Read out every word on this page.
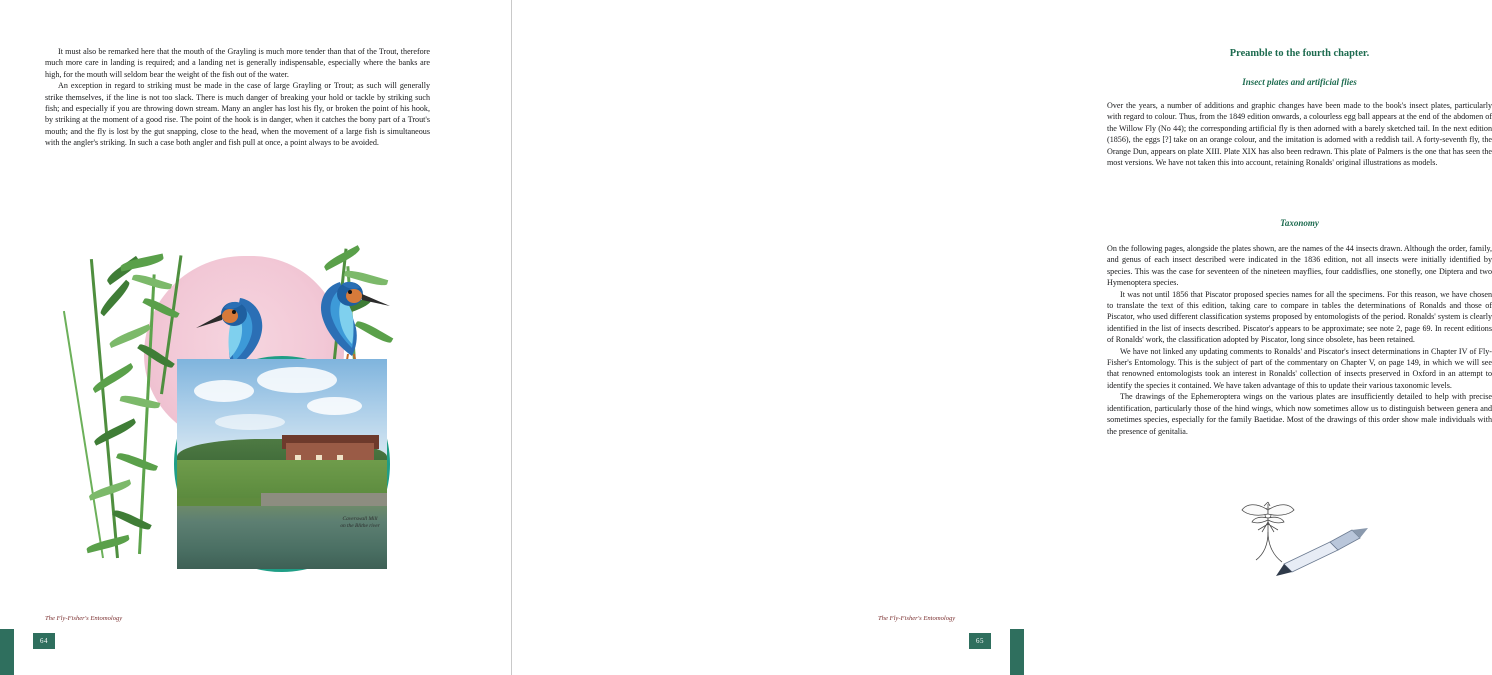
It must also be remarked here that the mouth of the Grayling is much more tender than that of the Trout, therefore much more care in landing is required; and a landing net is generally indispensable, especially where the banks are high, for the mouth will seldom bear the weight of the fish out of the water.

An exception in regard to striking must be made in the case of large Grayling or Trout; as such will generally strike themselves, if the line is not too slack. There is much danger of breaking your hold or tackle by striking such fish; and especially if you are throwing down stream. Many an angler has lost his fly, or broken the point of his hook, by striking at the moment of a good rise. The point of the hook is in danger, when it catches the bony part of a Trout's mouth; and the fly is lost by the gut snapping, close to the head, when the movement of a large fish is simultaneous with the angler's striking. In such a case both angler and fish pull at once, a point always to be avoided.

Caverswall Mill
on the Blithe river
The Fly-Fisher's Entomology
64
Preamble to the fourth chapter.
Insect plates and artificial flies

Over the years, a number of additions and graphic changes have been made to the book's insect plates, particularly with regard to colour. Thus, from the 1849 edition onwards, a colourless egg ball appears at the end of the abdomen of the Willow Fly (No 44); the corresponding artificial fly is then adorned with a barely sketched tail. In the next edition (1856), the eggs [?] take on an orange colour, and the imitation is adorned with a reddish tail. A forty-seventh fly, the Orange Dun, appears on plate XIII. Plate XIX has also been redrawn. This plate of Palmers is the one that has seen the most versions. We have not taken this into account, retaining Ronalds' original illustrations as models.

Taxonomy

On the following pages, alongside the plates shown, are the names of the 44 insects drawn. Although the order, family, and genus of each insect described were indicated in the 1836 edition, not all insects were initially identified by species. This was the case for seventeen of the nineteen mayflies, four caddisflies, one stonefly, one Diptera and two Hymenoptera species.

It was not until 1856 that Piscator proposed species names for all the specimens. For this reason, we have chosen to translate the text of this edition, taking care to compare in tables the determinations of Ronalds and those of Piscator, who used different classification systems proposed by entomologists of the period. Ronalds' system is clearly identified in the list of insects described. Piscator's appears to be approximate; see note 2, page 69. In recent editions of Ronalds' work, the classification adopted by Piscator, long since obsolete, has been retained.

We have not linked any updating comments to Ronalds' and Piscator's insect determinations in Chapter IV of Fly-Fisher's Entomology. This is the subject of part of the commentary on Chapter V, on page 149, in which we will see that renowned entomologists took an interest in Ronalds' collection of insects preserved in Oxford in an attempt to identify the species it contained. We have taken advantage of this to update their various taxonomic levels.

The drawings of the Ephemeroptera wings on the various plates are insufficiently detailed to help with precise identification, particularly those of the hind wings, which now sometimes allow us to distinguish between genera and sometimes species, especially for the family Baetidae. Most of the drawings of this order show male individuals with the presence of genitalia.

The Fly-Fisher's Entomology
65
